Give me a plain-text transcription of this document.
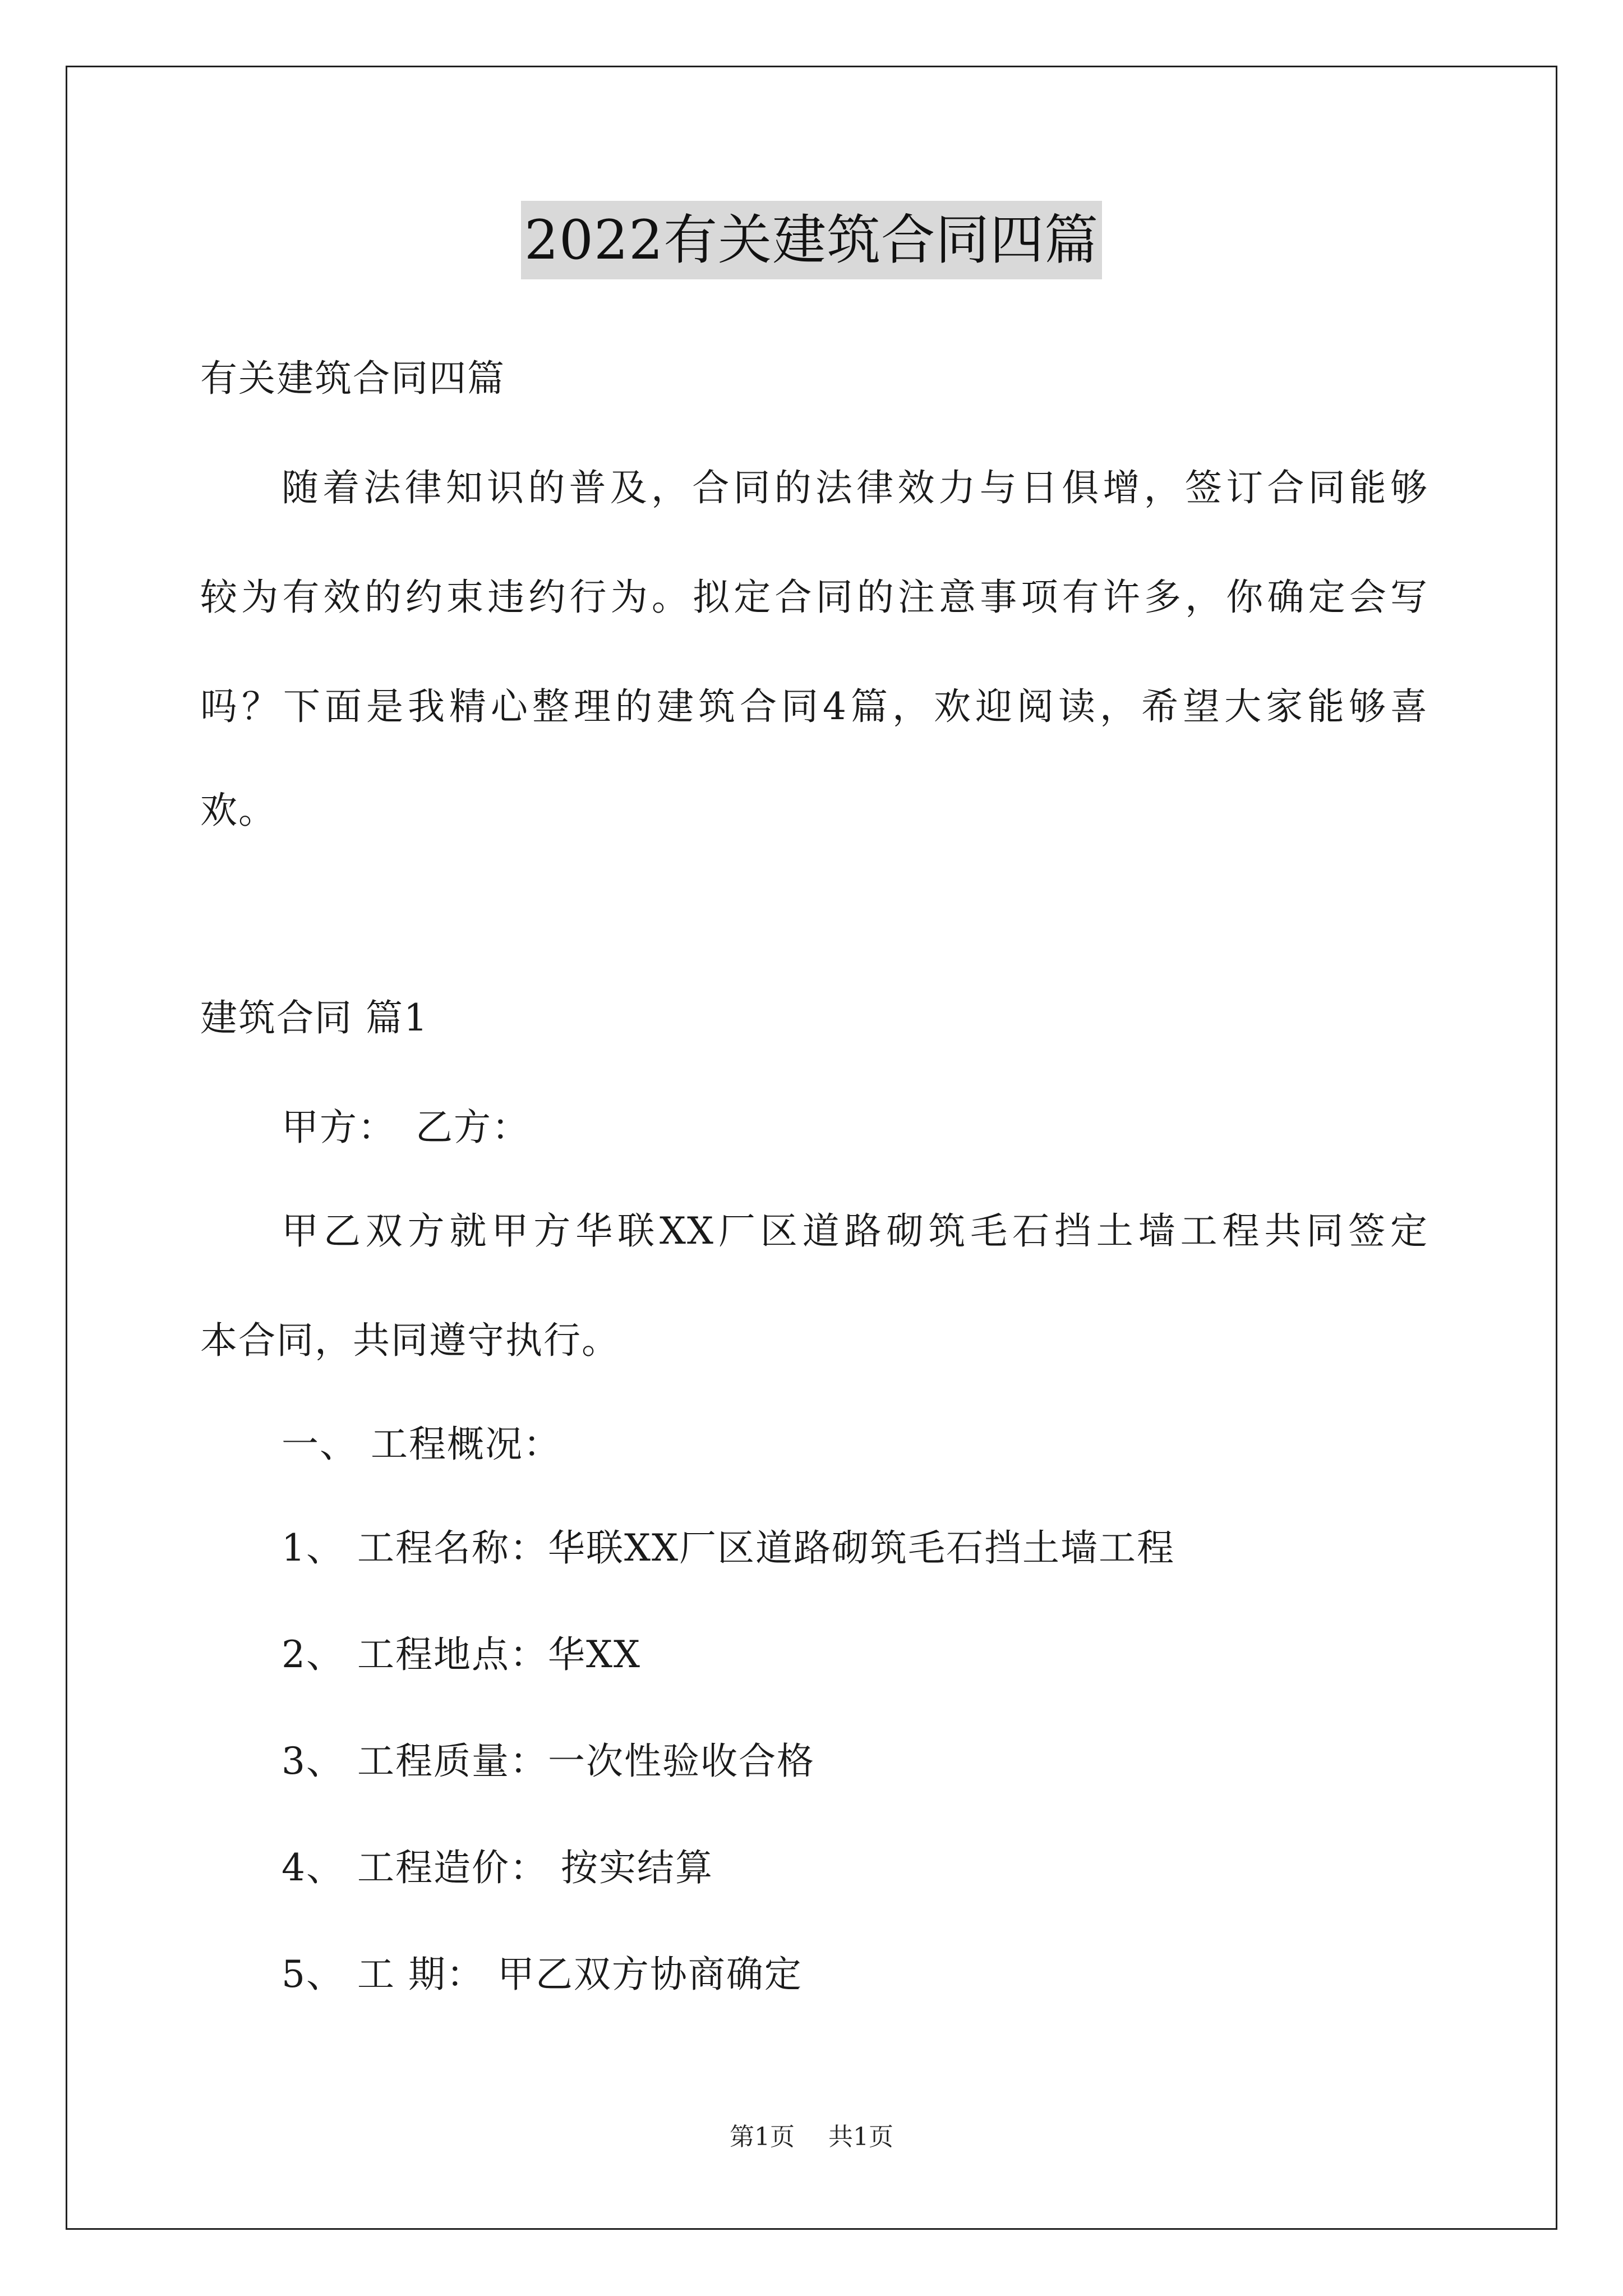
2022有关建筑合同四篇
有关建筑合同四篇
随着法律知识的普及，合同的法律效力与日俱增，签订合同能够
较为有效的约束违约行为。拟定合同的注意事项有许多，你确定会写
吗？下面是我精心整理的建筑合同4篇，欢迎阅读，希望大家能够喜
欢。
建筑合同 篇1
甲方：　乙方：
甲乙双方就甲方华联XX厂区道路砌筑毛石挡土墙工程共同签定
本合同，共同遵守执行。
一、 工程概况：
1、 工程名称：华联XX厂区道路砌筑毛石挡土墙工程
2、 工程地点：华XX
3、 工程质量：一次性验收合格
4、 工程造价： 按实结算
5、 工 期： 甲乙双方协商确定
第1页 共1页
